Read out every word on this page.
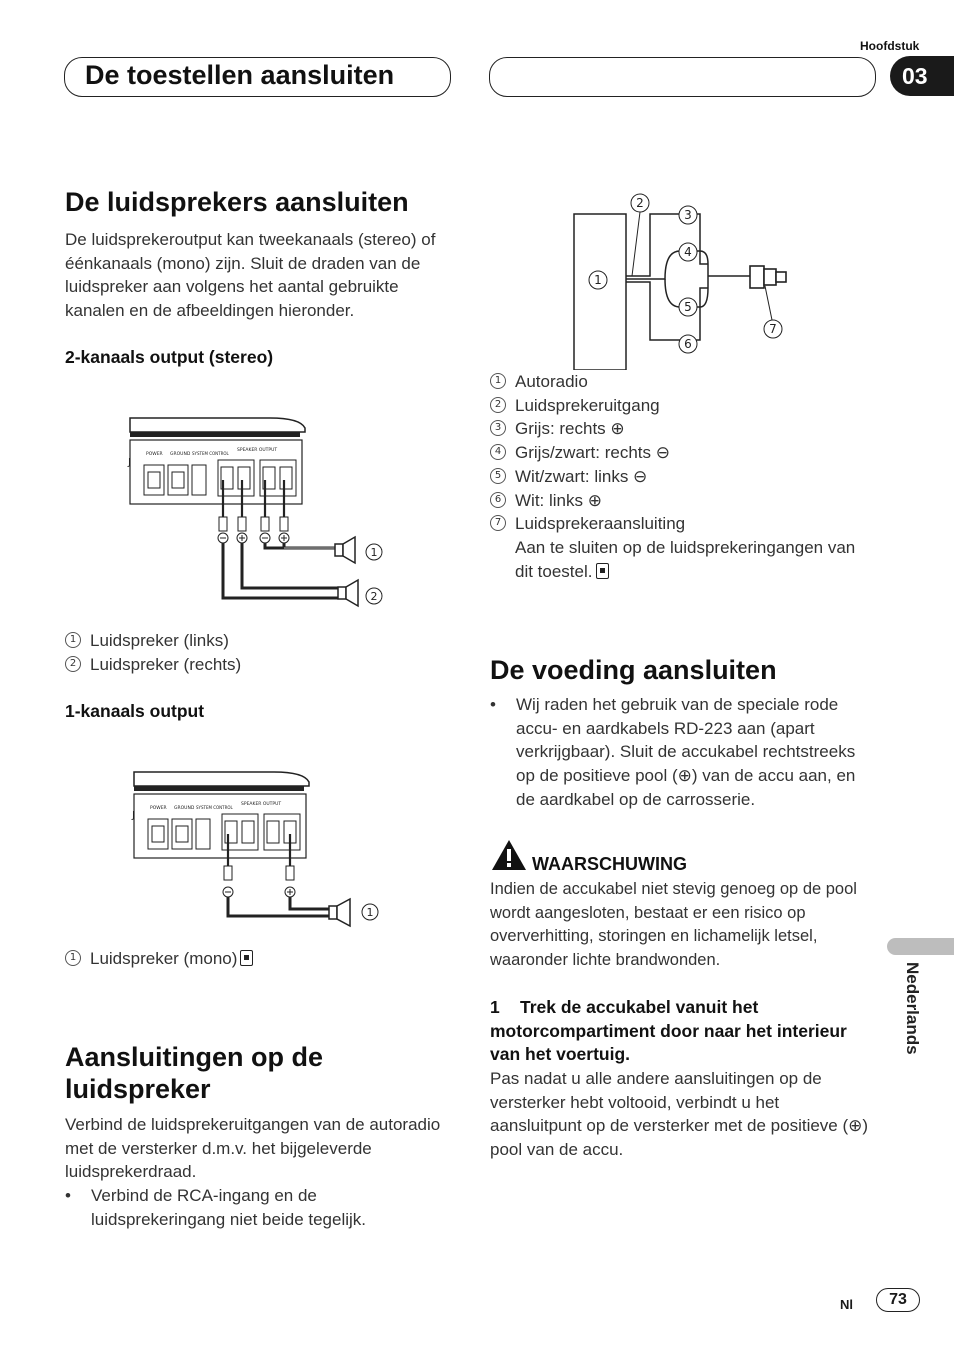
Hoofdstuk
De toestellen aansluiten	03
De luidsprekers aansluiten
De luidsprekeroutput kan tweekanaals (stereo) of éénkanaals (mono) zijn. Sluit de draden van de luidspreker aan volgens het aantal gebruikte kanalen en de afbeeldingen hieronder.
2-kanaals output (stereo)
J
POWER GROUND SYSTEM CONTROL
SPEAKER OUTPUT
1
2
1 Luidspreker (links)
2 Luidspreker (rechts)
1-kanaals output
J
POWER GROUND SYSTEM CONTROL
SPEAKER OUTPUT
1
1 Luidspreker (mono)
Aansluitingen op de
luidspreker
Verbind de luidsprekeruitgangen van de autoradio met de versterker d.m.v. het bijgeleverde luidsprekerdraad.
• Verbind de RCA-ingang en de luidsprekeringang niet beide tegelijk.
1
2
3
4
5
6
7
1 Autoradio
2 Luidsprekeruitgang
3 Grijs: rechts ⊕
4 Grijs/zwart: rechts ⊖
5 Wit/zwart: links ⊖
6 Wit: links ⊕
7 Luidsprekeraansluiting
Aan te sluiten op de luidsprekeringangen van dit toestel.
De voeding aansluiten
• Wij raden het gebruik van de speciale rode accu- en aardkabels RD-223 aan (apart verkrijgbaar). Sluit de accukabel rechtstreeks op de positieve pool (⊕) van de accu aan, en de aardkabel op de carrosserie.
WAARSCHUWING
Indien de accukabel niet stevig genoeg op de pool wordt aangesloten, bestaat er een risico op oververhitting, storingen en lichamelijk letsel, waaronder lichte brandwonden.
1 Trek de accukabel vanuit het motorcompartiment door naar het interieur van het voertuig.
Pas nadat u alle andere aansluitingen op de versterker hebt voltooid, verbindt u het aansluitpunt op de versterker met de positieve (⊕) pool van de accu.
Nederlands
Nl	73
